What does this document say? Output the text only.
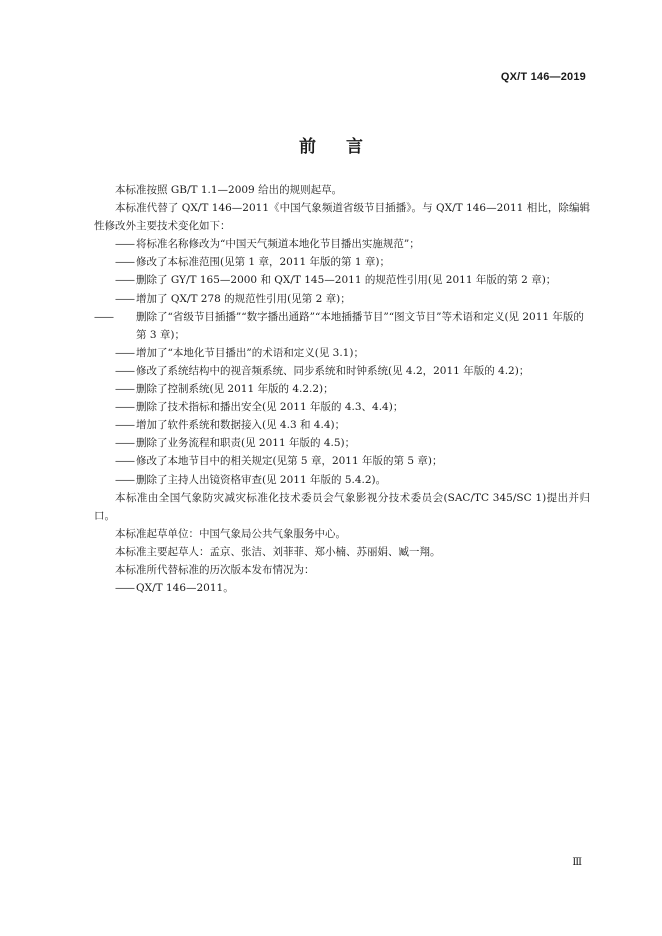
QX/T 146—2019
前言

本标准按照 GB/T 1.1—2009 给出的规则起草。

本标准代替了 QX/T 146—2011《中国气象频道省级节目插播》。与 QX/T 146—2011 相比，除编辑性修改外主要技术变化如下：

—— 将标准名称修改为“中国天气频道本地化节目播出实施规范”；

—— 修改了本标准范围(见第 1 章，2011 年版的第 1 章)；

—— 删除了 GY/T 165—2000 和 QX/T 145—2011 的规范性引用(见 2011 年版的第 2 章)；

—— 增加了 QX/T 278 的规范性引用(见第 2 章)；

—— 删除了“省级节目插播”“数字播出通路”“本地插播节目”“图文节目”等术语和定义(见 2011 年版的第 3 章)；

—— 增加了“本地化节目播出”的术语和定义(见 3.1)；

—— 修改了系统结构中的视音频系统、同步系统和时钟系统(见 4.2，2011 年版的 4.2)；

—— 删除了控制系统(见 2011 年版的 4.2.2)；

—— 删除了技术指标和播出安全(见 2011 年版的 4.3、4.4)；

—— 增加了软件系统和数据接入(见 4.3 和 4.4)；

—— 删除了业务流程和职责(见 2011 年版的 4.5)；

—— 修改了本地节目中的相关规定(见第 5 章，2011 年版的第 5 章)；

—— 删除了主持人出镜资格审查(见 2011 年版的 5.4.2)。

本标准由全国气象防灾减灾标准化技术委员会气象影视分技术委员会(SAC/TC 345/SC 1)提出并归口。

本标准起草单位：中国气象局公共气象服务中心。

本标准主要起草人：孟京、张洁、刘菲菲、郑小楠、苏丽娟、臧一翔。

本标准所代替标准的历次版本发布情况为：

—— QX/T 146—2011。

Ⅲ
